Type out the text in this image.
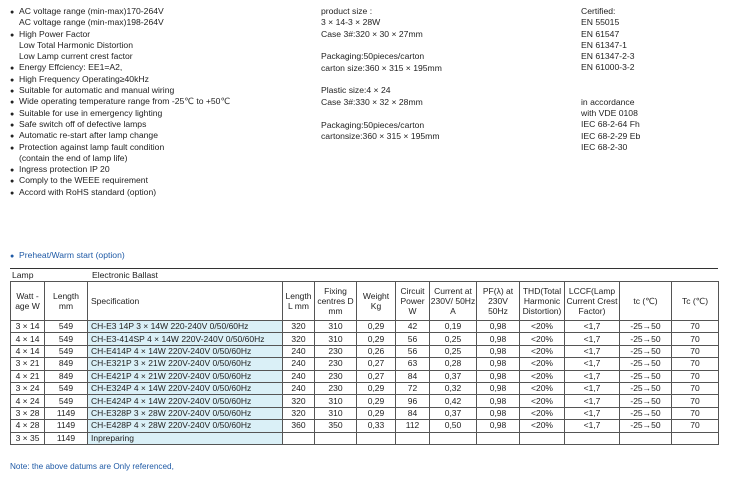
● AC voltage range (min-max)170-264V
AC voltage range (min-max)198-264V
● High Power Factor
Low Total Harmonic Distortion
Low Lamp current crest factor
● Energy Effciency: EE1=A2,
● High Frequency Operating≥40kHz
● Suitable for automatic and manual wiring
● Wide operating temperature range from -25℃ to +50℃
● Suitable for use in emergency lighting
● Safe switch off of defective lamps
● Automatic re-start after lamp change
● Protection against lamp fault condition
(contain the end of lamp life)
● Ingress protection IP 20
● Comply to the WEEE requirement
● Accord with RoHS standard (option)
product size :
3 × 14-3 × 28W
Case 3#:320 × 30 × 27mm
Packaging:50pieces/carton
carton size:360 × 315 × 195mm
Plastic size:4 × 24
Case 3#:330 × 32 × 28mm
Packaging:50pieces/carton
cartonsize:360 × 315 × 195mm
Certified:
EN 55015
EN 61547
EN 61347-1
EN 61347-2-3
EN 61000-3-2
in accordance
with VDE 0108
IEC 68-2-64 Fh
IEC 68-2-29 Eb
IEC 68-2-30
● Preheat/Warm start (option)
Lamp	Electronic Ballast
Watt -age W	Length mm	Specification	Length L mm	Fixing centres D mm	Weight Kg	Circuit Power W	Current at 230V/ 50Hz A	PF(λ) at 230V 50Hz	THD(Total Harmonic Distortion)	LCCF(Lamp Current Crest Factor)	tc (℃)	Tc (℃)
3 × 14	549	CH-E3 14P 3 × 14W 220-240V 0/50/60Hz	320	310	0,29	42	0,19	0,98	<20%	<1,7	-25→50	70
4 × 14	549	CH-E3-414SP 4 × 14W 220V-240V 0/50/60Hz	320	310	0,29	56	0,25	0,98	<20%	<1,7	-25→50	70
4 × 14	549	CH-E414P 4 × 14W 220V-240V 0/50/60Hz	240	230	0,26	56	0,25	0,98	<20%	<1,7	-25→50	70
3 × 21	849	CH-E321P 3 × 21W 220V-240V 0/50/60Hz	240	230	0,27	63	0,28	0,98	<20%	<1,7	-25→50	70
4 × 21	849	CH-E421P 4 × 21W 220V-240V 0/50/60Hz	240	230	0,27	84	0,37	0,98	<20%	<1,7	-25→50	70
3 × 24	549	CH-E324P 4 × 14W 220V-240V 0/50/60Hz	240	230	0,29	72	0,32	0,98	<20%	<1,7	-25→50	70
4 × 24	549	CH-E424P 4 × 14W 220V-240V 0/50/60Hz	320	310	0,29	96	0,42	0,98	<20%	<1,7	-25→50	70
3 × 28	1149	CH-E328P 3 × 28W 220V-240V 0/50/60Hz	320	310	0,29	84	0,37	0,98	<20%	<1,7	-25→50	70
4 × 28	1149	CH-E428P 4 × 28W 220V-240V 0/50/60Hz	360	350	0,33	112	0,50	0,98	<20%	<1,7	-25→50	70
3 × 35	1149	Inpreparing										
Note: the above datums are Only referenced,
